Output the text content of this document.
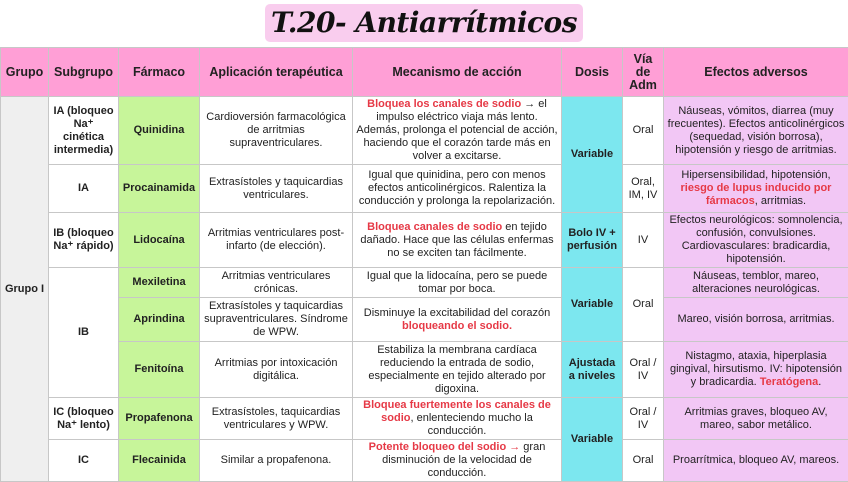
T.20- Antiarrítmicos
Grupo	Subgrupo	Fármaco	Aplicación terapéutica	Mecanismo de acción	Dosis	Vía de Adm	Efectos adversos
Grupo I	IA (bloqueo Na⁺ cinética intermedia)	Quinidina	Cardioversión farmacológica de arritmias supraventriculares.	Bloquea los canales de sodio → el impulso eléctrico viaja más lento. Además, prolonga el potencial de acción, haciendo que el corazón tarde más en volver a excitarse.	Variable	Oral	Náuseas, vómitos, diarrea (muy frecuentes). Efectos anticolinérgicos (sequedad, visión borrosa), hipotensión y riesgo de arritmias.
	IA	Procainamida	Extrasístoles y taquicardias ventriculares.	Igual que quinidina, pero con menos efectos anticolinérgicos. Ralentiza la conducción y prolonga la repolarización.		Oral, IM, IV	Hipersensibilidad, hipotensión, riesgo de lupus inducido por fármacos, arritmias.
	IB (bloqueo Na⁺ rápido)	Lidocaína	Arritmias ventriculares post-infarto (de elección).	Bloquea canales de sodio en tejido dañado. Hace que las células enfermas no se exciten tan fácilmente.	Bolo IV + perfusión	IV	Efectos neurológicos: somnolencia, confusión, convulsiones. Cardiovasculares: bradicardia, hipotensión.
	IB	Mexiletina	Arritmias ventriculares crónicas.	Igual que la lidocaína, pero se puede tomar por boca.	Variable	Oral	Náuseas, temblor, mareo, alteraciones neurológicas.
		Aprindina	Extrasístoles y taquicardias supraventriculares. Síndrome de WPW.	Disminuye la excitabilidad del corazón bloqueando el sodio.			Mareo, visión borrosa, arritmias.
		Fenitoína	Arritmias por intoxicación digitálica.	Estabiliza la membrana cardíaca reduciendo la entrada de sodio, especialmente en tejido alterado por digoxina.	Ajustada a niveles	Oral / IV	Nistagmo, ataxia, hiperplasia gingival, hirsutismo. IV: hipotensión y bradicardia. Teratógena.
	IC (bloqueo Na⁺ lento)	Propafenona	Extrasístoles, taquicardias ventriculares y WPW.	Bloquea fuertemente los canales de sodio, enlenteciendo mucho la conducción.	Variable	Oral / IV	Arritmias graves, bloqueo AV, mareo, sabor metálico.
	IC	Flecainida	Similar a propafenona.	Potente bloqueo del sodio → gran disminución de la velocidad de conducción.		Oral	Proarrítmica, bloqueo AV, mareos.
